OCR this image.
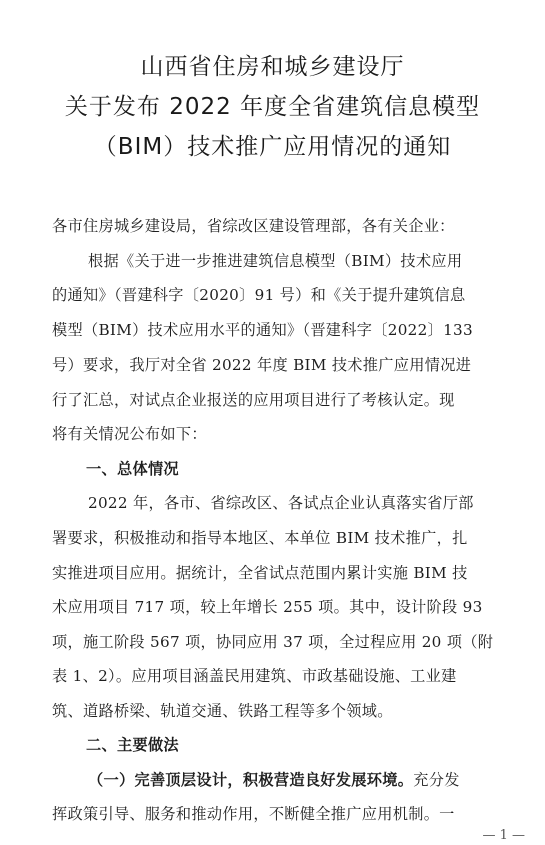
山西省住房和城乡建设厅
关于发布 2022 年度全省建筑信息模型
（BIM）技术推广应用情况的通知
各市住房城乡建设局，省综改区建设管理部，各有关企业：
根据《关于进一步推进建筑信息模型（BIM）技术应用
的通知》（晋建科字〔2020〕91 号）和《关于提升建筑信息
模型（BIM）技术应用水平的通知》（晋建科字〔2022〕133
号）要求，我厅对全省 2022 年度 BIM 技术推广应用情况进
行了汇总，对试点企业报送的应用项目进行了考核认定。现
将有关情况公布如下：
一、总体情况
2022 年，各市、省综改区、各试点企业认真落实省厅部
署要求，积极推动和指导本地区、本单位 BIM 技术推广，扎
实推进项目应用。据统计，全省试点范围内累计实施 BIM 技
术应用项目 717 项，较上年增长 255 项。其中，设计阶段 93
项，施工阶段 567 项，协同应用 37 项，全过程应用 20 项（附
表 1、2）。应用项目涵盖民用建筑、市政基础设施、工业建
筑、道路桥梁、轨道交通、铁路工程等多个领域。
二、主要做法
（一）完善顶层设计，积极营造良好发展环境。充分发
挥政策引导、服务和推动作用，不断健全推广应用机制。一
— 1 —
